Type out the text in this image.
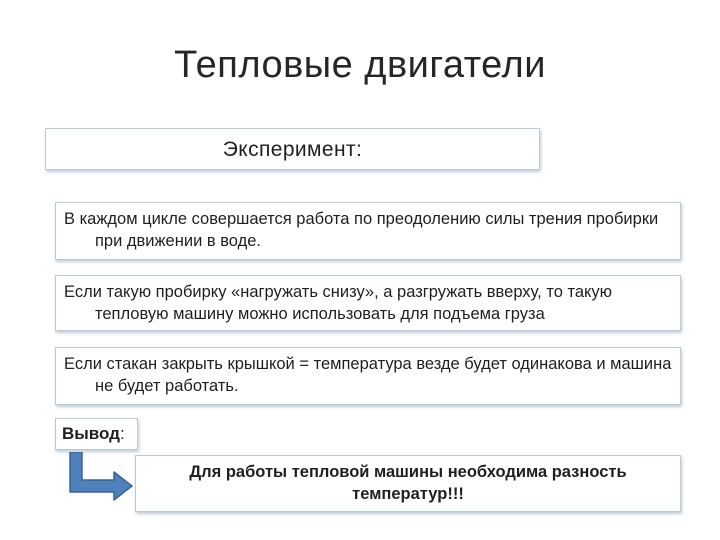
Тепловые двигатели
Эксперимент:
В каждом цикле совершается работа по преодолению силы трения пробирки при движении в воде.
Если такую пробирку «нагружать снизу», а разгружать вверху, то такую тепловую машину можно использовать для подъема груза
Если стакан закрыть крышкой = температура везде будет одинакова и машина не будет работать.
Вывод:
Для работы тепловой машины необходима разность температур!!!
